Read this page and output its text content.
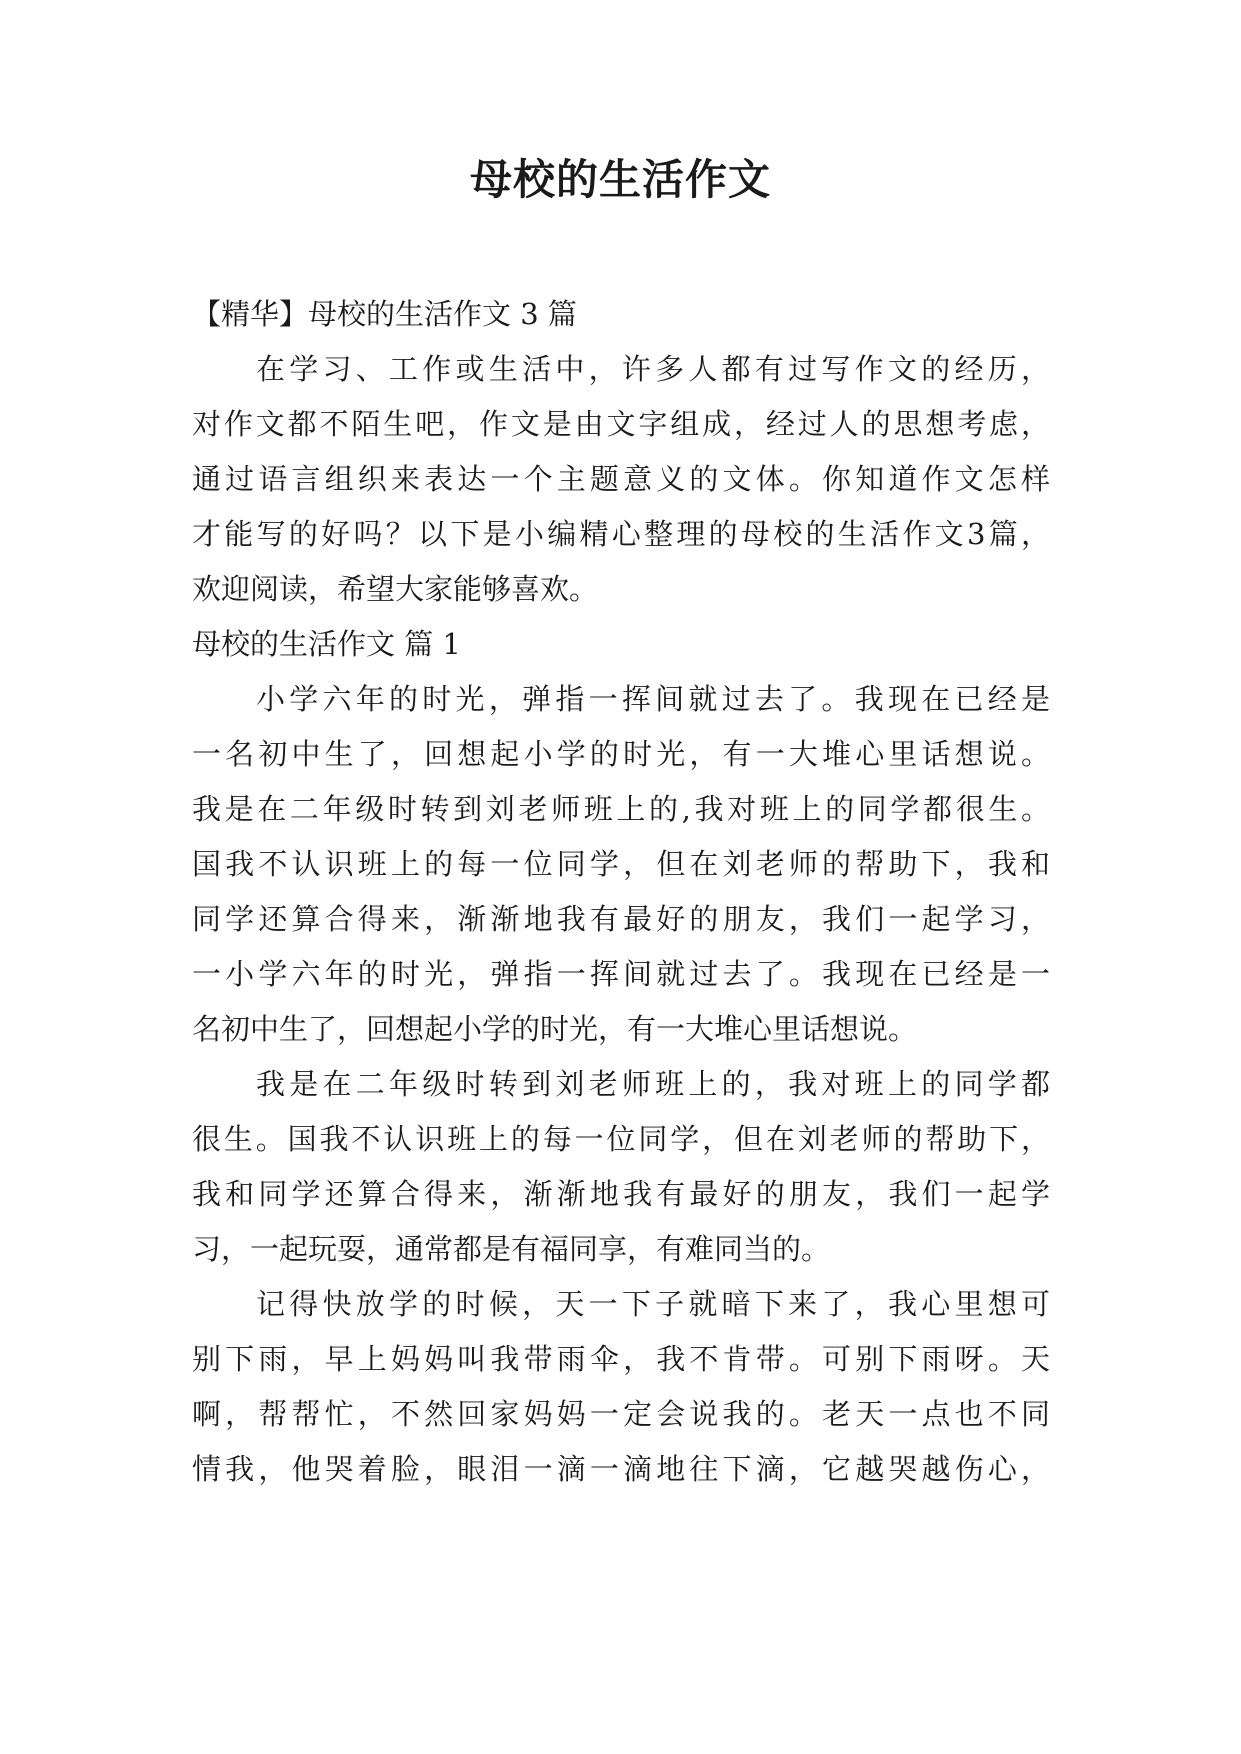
母校的生活作文
【精华】母校的生活作文 3 篇
在学习、工作或生活中，许多人都有过写作文的经历，
对作文都不陌生吧，作文是由文字组成，经过人的思想考虑，
通过语言组织来表达一个主题意义的文体。你知道作文怎样
才能写的好吗？以下是小编精心整理的母校的生活作文3篇，
欢迎阅读，希望大家能够喜欢。
母校的生活作文 篇 1
小学六年的时光，弹指一挥间就过去了。我现在已经是
一名初中生了，回想起小学的时光，有一大堆心里话想说。
我是在二年级时转到刘老师班上的,我对班上的同学都很生。
国我不认识班上的每一位同学，但在刘老师的帮助下，我和
同学还算合得来，渐渐地我有最好的朋友，我们一起学习，
一小学六年的时光，弹指一挥间就过去了。我现在已经是一
名初中生了，回想起小学的时光，有一大堆心里话想说。
我是在二年级时转到刘老师班上的，我对班上的同学都
很生。国我不认识班上的每一位同学，但在刘老师的帮助下，
我和同学还算合得来，渐渐地我有最好的朋友，我们一起学
习，一起玩耍，通常都是有福同享，有难同当的。
记得快放学的时候，天一下子就暗下来了，我心里想可
别下雨，早上妈妈叫我带雨伞，我不肯带。可别下雨呀。天
啊，帮帮忙，不然回家妈妈一定会说我的。老天一点也不同
情我，他哭着脸，眼泪一滴一滴地往下滴，它越哭越伤心，
